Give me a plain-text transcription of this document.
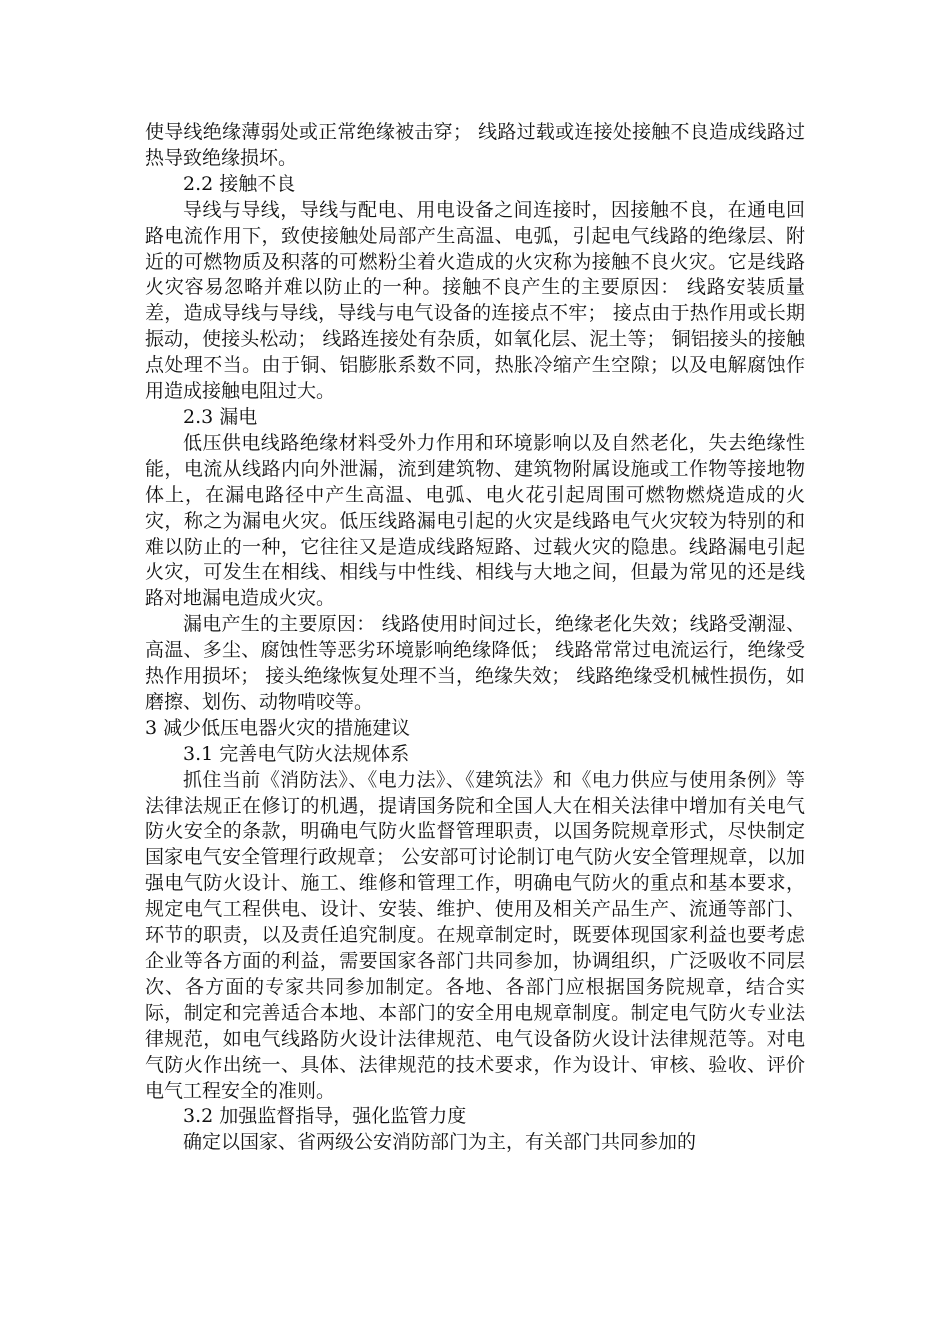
使导线绝缘薄弱处或正常绝缘被击穿； 线路过载或连接处接触不良造成线路过热导致绝缘损坏。

2.2 接触不良

导线与导线，导线与配电、用电设备之间连接时，因接触不良，在通电回路电流作用下，致使接触处局部产生高温、电弧，引起电气线路的绝缘层、附近的可燃物质及积落的可燃粉尘着火造成的火灾称为接触不良火灾。它是线路火灾容易忽略并难以防止的一种。接触不良产生的主要原因： 线路安装质量差，造成导线与导线，导线与电气设备的连接点不牢； 接点由于热作用或长期振动，使接头松动； 线路连接处有杂质，如氧化层、泥土等； 铜铝接头的接触点处理不当。由于铜、铝膨胀系数不同，热胀冷缩产生空隙；以及电解腐蚀作用造成接触电阻过大。

2.3 漏电

低压供电线路绝缘材料受外力作用和环境影响以及自然老化，失去绝缘性能，电流从线路内向外泄漏，流到建筑物、建筑物附属设施或工作物等接地物体上，在漏电路径中产生高温、电弧、电火花引起周围可燃物燃烧造成的火灾，称之为漏电火灾。低压线路漏电引起的火灾是线路电气火灾较为特别的和难以防止的一种，它往往又是造成线路短路、过载火灾的隐患。线路漏电引起火灾，可发生在相线、相线与中性线、相线与大地之间，但最为常见的还是线路对地漏电造成火灾。

漏电产生的主要原因： 线路使用时间过长，绝缘老化失效；线路受潮湿、高温、多尘、腐蚀性等恶劣环境影响绝缘降低； 线路常常过电流运行，绝缘受热作用损坏； 接头绝缘恢复处理不当，绝缘失效； 线路绝缘受机械性损伤，如磨擦、划伤、动物啃咬等。

3 减少低压电器火灾的措施建议

3.1 完善电气防火法规体系

抓住当前《消防法》、《电力法》、《建筑法》和《电力供应与使用条例》等法律法规正在修订的机遇，提请国务院和全国人大在相关法律中增加有关电气防火安全的条款，明确电气防火监督管理职责，以国务院规章形式，尽快制定国家电气安全管理行政规章； 公安部可讨论制订电气防火安全管理规章，以加强电气防火设计、施工、维修和管理工作，明确电气防火的重点和基本要求，规定电气工程供电、设计、安装、维护、使用及相关产品生产、流通等部门、环节的职责，以及责任追究制度。在规章制定时，既要体现国家利益也要考虑企业等各方面的利益，需要国家各部门共同参加，协调组织，广泛吸收不同层次、各方面的专家共同参加制定。各地、各部门应根据国务院规章，结合实际，制定和完善适合本地、本部门的安全用电规章制度。制定电气防火专业法律规范，如电气线路防火设计法律规范、电气设备防火设计法律规范等。对电气防火作出统一、具体、法律规范的技术要求，作为设计、审核、验收、评价电气工程安全的准则。

3.2 加强监督指导，强化监管力度

确定以国家、省两级公安消防部门为主，有关部门共同参加的
